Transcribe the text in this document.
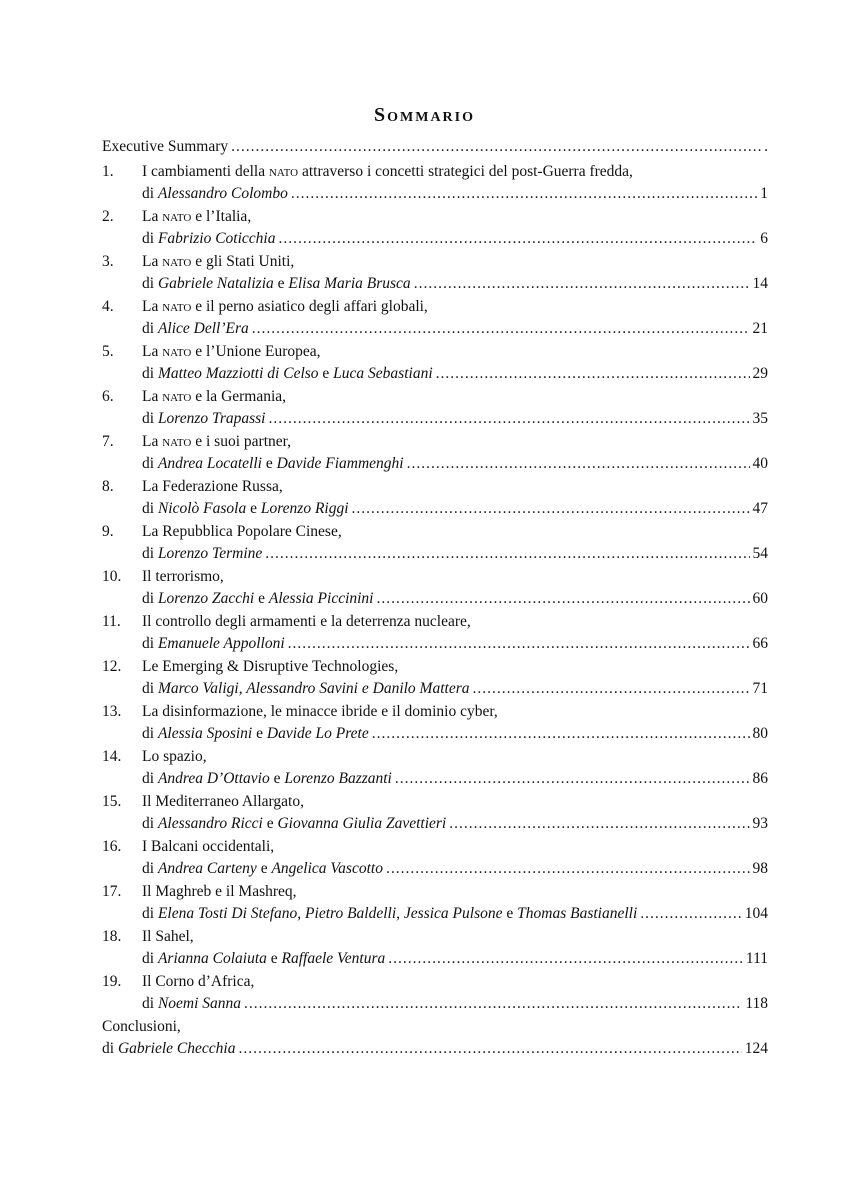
Sommario
Executive Summary .....	.
1.	I cambiamenti della nato attraverso i concetti strategici del post-Guerra fredda,
di Alessandro Colombo .....	1
2.	La nato e l’Italia,
di Fabrizio Coticchia .....	6
3.	La nato e gli Stati Uniti,
di Gabriele Natalizia e Elisa Maria Brusca .....	14
4.	La nato e il perno asiatico degli affari globali,
di Alice Dell’Era .....	21
5.	La nato e l’Unione Europea,
di Matteo Mazziotti di Celso e Luca Sebastiani .....	29
6.	La nato e la Germania,
di Lorenzo Trapassi .....	35
7.	La nato e i suoi partner,
di Andrea Locatelli e Davide Fiammenghi .....	40
8.	La Federazione Russa,
di Nicolò Fasola e Lorenzo Riggi .....	47
9.	La Repubblica Popolare Cinese,
di Lorenzo Termine .....	54
10.	Il terrorismo,
di Lorenzo Zacchi e Alessia Piccinini .....	60
11.	Il controllo degli armamenti e la deterrenza nucleare,
di Emanuele Appolloni .....	66
12.	Le Emerging & Disruptive Technologies,
di Marco Valigi, Alessandro Savini e Danilo Mattera .....	71
13.	La disinformazione, le minacce ibride e il dominio cyber,
di Alessia Sposini e Davide Lo Prete .....	80
14.	Lo spazio,
di Andrea D’Ottavio e Lorenzo Bazzanti .....	86
15.	Il Mediterraneo Allargato,
di Alessandro Ricci e Giovanna Giulia Zavettieri .....	93
16.	I Balcani occidentali,
di Andrea Carteny e Angelica Vascotto .....	98
17.	Il Maghreb e il Mashreq,
di Elena Tosti Di Stefano, Pietro Baldelli, Jessica Pulsone e Thomas Bastianelli .....	104
18.	Il Sahel,
di Arianna Colaiuta e Raffaele Ventura .....	111
19.	Il Corno d’Africa,
di Noemi Sanna .....	118
Conclusioni,
di Gabriele Checchia .....	124
